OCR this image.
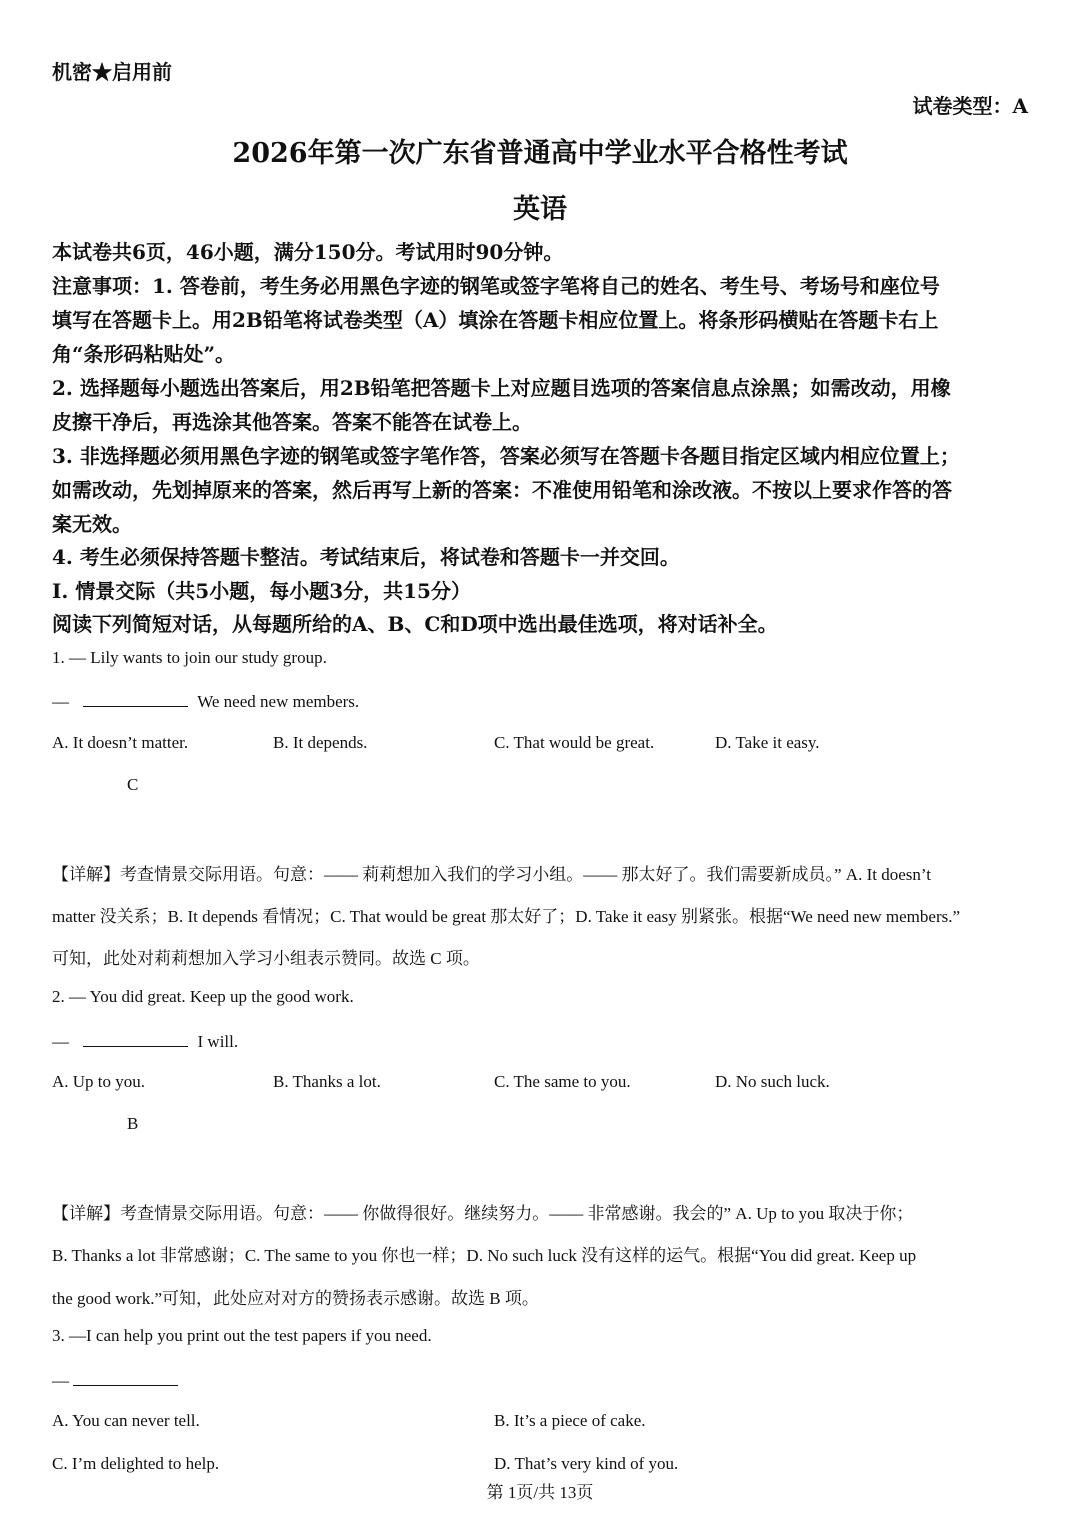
机密★启用前
试卷类型：A
2026年第一次广东省普通高中学业水平合格性考试
英语
本试卷共6页，46小题，满分150分。考试用时90分钟。
注意事项：1. 答卷前，考生务必用黑色字迹的钢笔或签字笔将自己的姓名、考生号、考场号和座位号
填写在答题卡上。用2B铅笔将试卷类型（A）填涂在答题卡相应位置上。将条形码横贴在答题卡右上
角“条形码粘贴处”。
2. 选择题每小题选出答案后，用2B铅笔把答题卡上对应题目选项的答案信息点涂黑；如需改动，用橡
皮擦干净后，再选涂其他答案。答案不能答在试卷上。
3. 非选择题必须用黑色字迹的钢笔或签字笔作答，答案必须写在答题卡各题目指定区域内相应位置上；
如需改动，先划掉原来的答案，然后再写上新的答案：不准使用铅笔和涂改液。不按以上要求作答的答
案无效。
4. 考生必须保持答题卡整洁。考试结束后，将试卷和答题卡一并交回。
Ⅰ. 情景交际（共5小题，每小题3分，共15分）
阅读下列简短对话，从每题所给的A、B、C和D项中选出最佳选项，将对话补全。
1. — Lily wants to join our study group.
—	We need new members.
A. It doesn’t matter.	B. It depends.	C. That would be great.	D. Take it easy.
C
【详解】考查情景交际用语。句意：—— 莉莉想加入我们的学习小组。—— 那太好了。我们需要新成员。” A. It doesn’t
matter 没关系；B. It depends 看情况；C. That would be great 那太好了；D. Take it easy 别紧张。根据“We need new members.”
可知，此处对莉莉想加入学习小组表示赞同。故选 C 项。
2. — You did great. Keep up the good work.
—	I will.
A. Up to you.	B. Thanks a lot.	C. The same to you.	D. No such luck.
B
【详解】考查情景交际用语。句意：—— 你做得很好。继续努力。—— 非常感谢。我会的” A. Up to you 取决于你；
B. Thanks a lot 非常感谢；C. The same to you 你也一样；D. No such luck 没有这样的运气。根据“You did great. Keep up
the good work.”可知，此处应对对方的赞扬表示感谢。故选 B 项。
3. —I can help you print out the test papers if you need.
—
A. You can never tell.	B. It’s a piece of cake.
C. I’m delighted to help.	D. That’s very kind of you.
第 1页/共 13页
